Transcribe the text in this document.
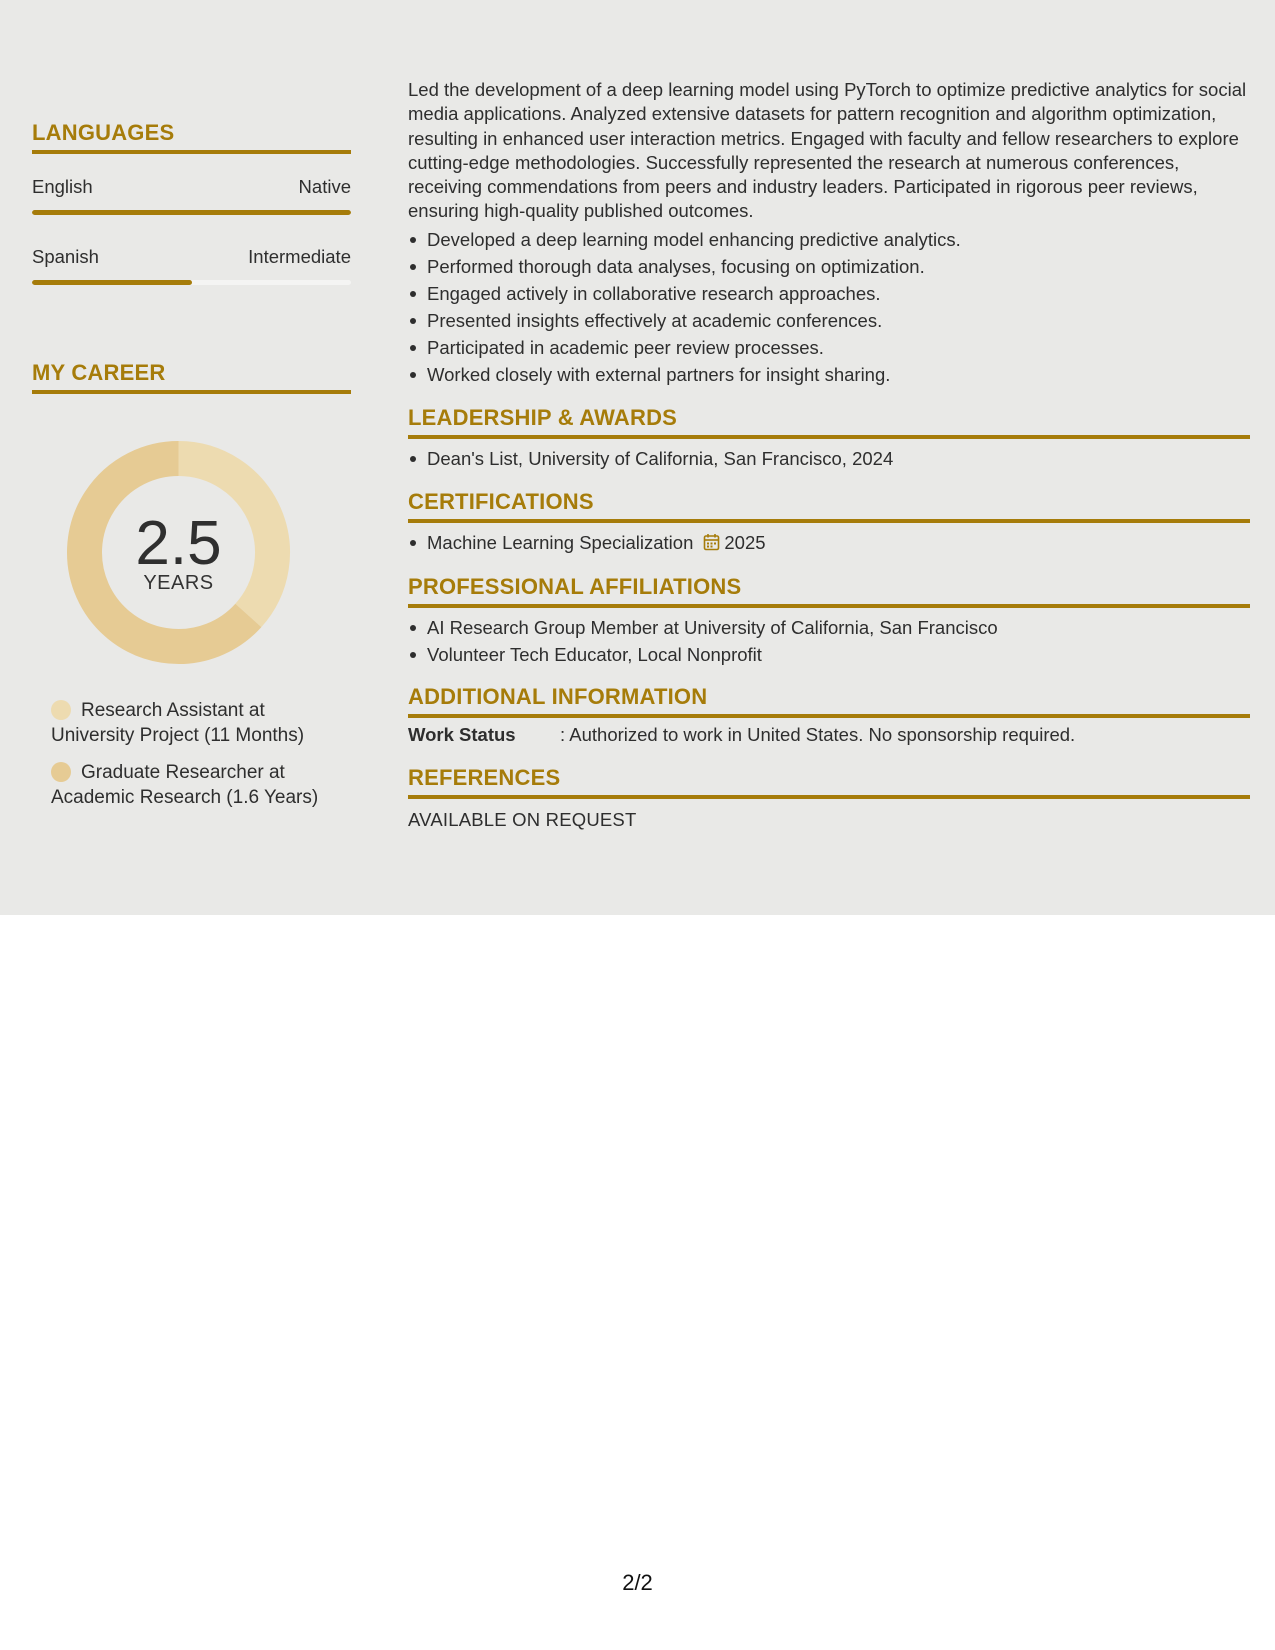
LANGUAGES
English	Native
Spanish	Intermediate
MY CAREER
2.5
YEARS
Research Assistant at University Project (11 Months)
Graduate Researcher at Academic Research (1.6 Years)

Led the development of a deep learning model using PyTorch to optimize predictive analytics for social media applications. Analyzed extensive datasets for pattern recognition and algorithm optimization, resulting in enhanced user interaction metrics. Engaged with faculty and fellow researchers to explore cutting-edge methodologies. Successfully represented the research at numerous conferences, receiving commendations from peers and industry leaders. Participated in rigorous peer reviews, ensuring high-quality published outcomes.

Developed a deep learning model enhancing predictive analytics.
Performed thorough data analyses, focusing on optimization.
Engaged actively in collaborative research approaches.
Presented insights effectively at academic conferences.
Participated in academic peer review processes.
Worked closely with external partners for insight sharing.
LEADERSHIP & AWARDS
Dean's List, University of California, San Francisco, 2024
CERTIFICATIONS
Machine Learning Specialization 2025
PROFESSIONAL AFFILIATIONS
AI Research Group Member at University of California, San Francisco
Volunteer Tech Educator, Local Nonprofit
ADDITIONAL INFORMATION
Work Status : Authorized to work in United States. No sponsorship required.
REFERENCES
AVAILABLE ON REQUEST
2/2
